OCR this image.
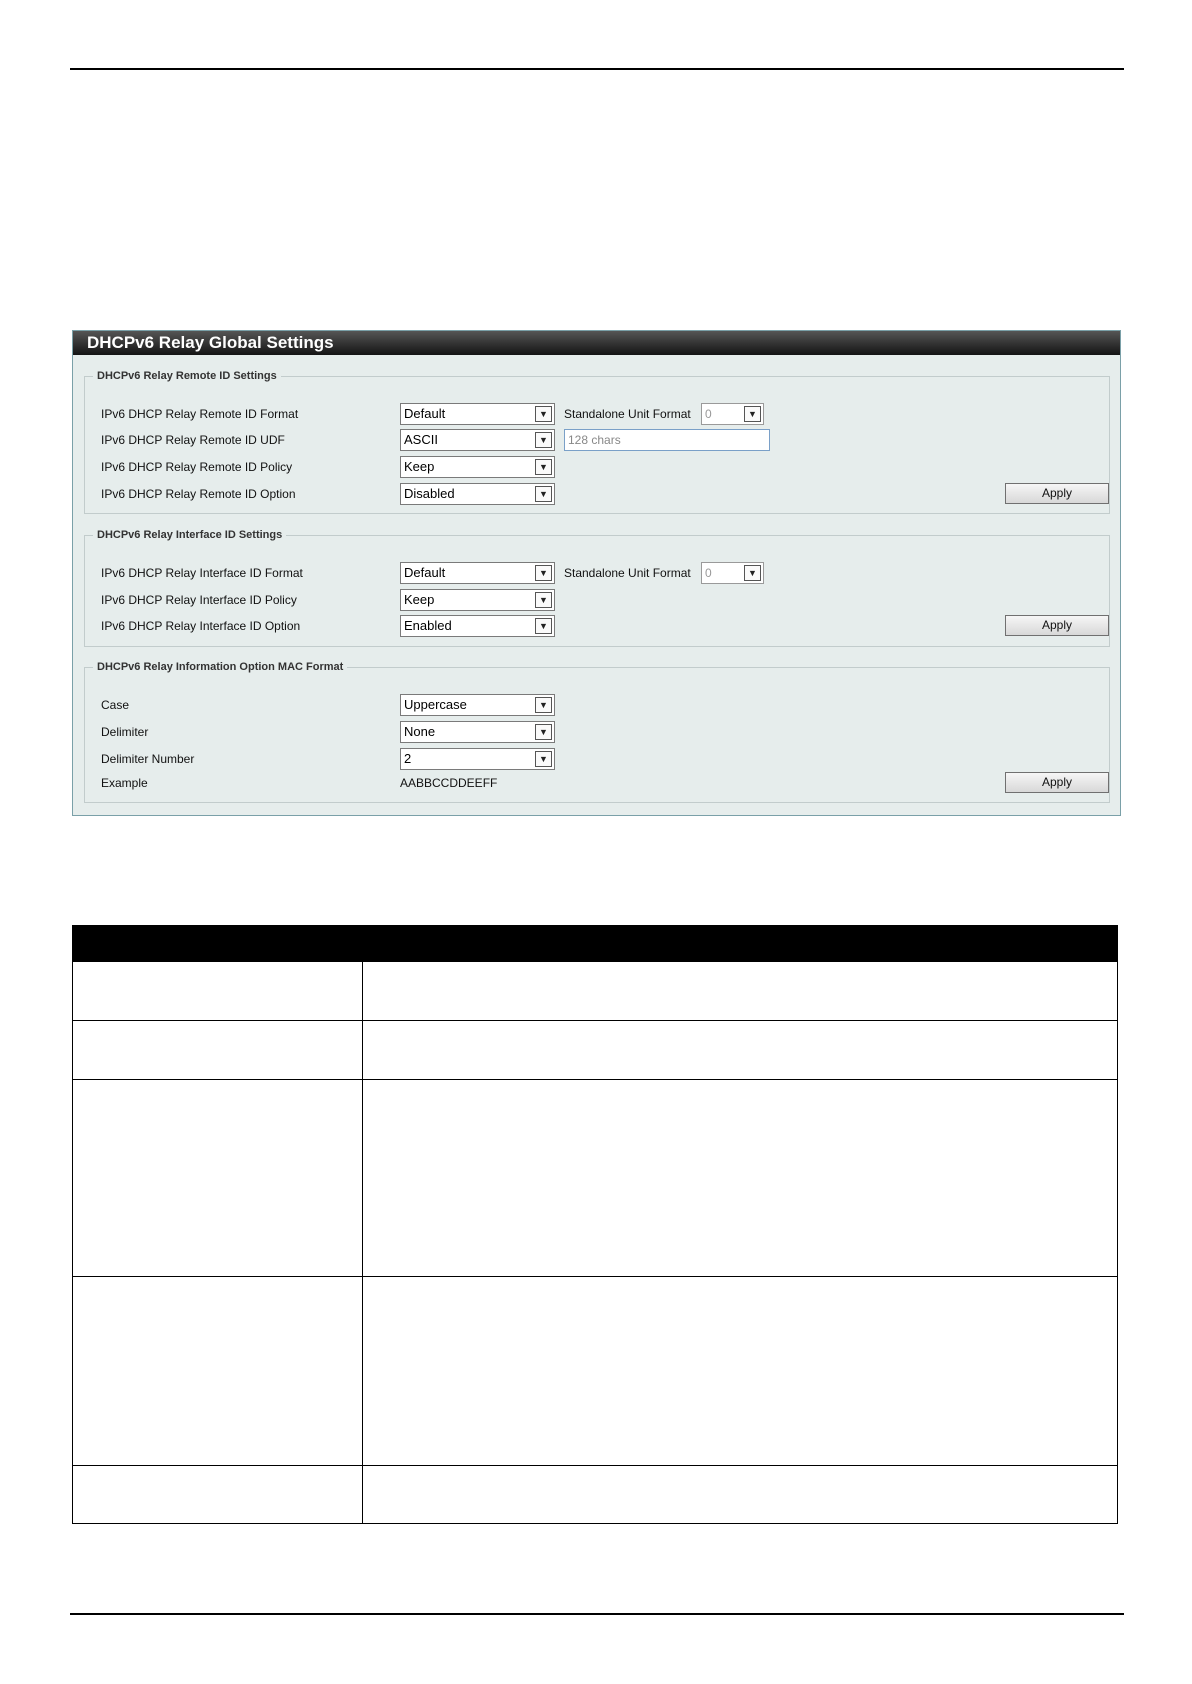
DHCPv6 Relay Global Settings
DHCPv6 Relay Remote ID Settings
IPv6 DHCP Relay Remote ID Format	Default	▼	Standalone Unit Format	0	▼
IPv6 DHCP Relay Remote ID UDF	ASCII	▼	128 chars
IPv6 DHCP Relay Remote ID Policy	Keep	▼
IPv6 DHCP Relay Remote ID Option	Disabled	▼	Apply
DHCPv6 Relay Interface ID Settings
IPv6 DHCP Relay Interface ID Format	Default	▼	Standalone Unit Format	0	▼
IPv6 DHCP Relay Interface ID Policy	Keep	▼
IPv6 DHCP Relay Interface ID Option	Enabled	▼	Apply
DHCPv6 Relay Information Option MAC Format
Case	Uppercase	▼
Delimiter	None	▼
Delimiter Number	2	▼
Example	AABBCCDDEEFF	Apply
